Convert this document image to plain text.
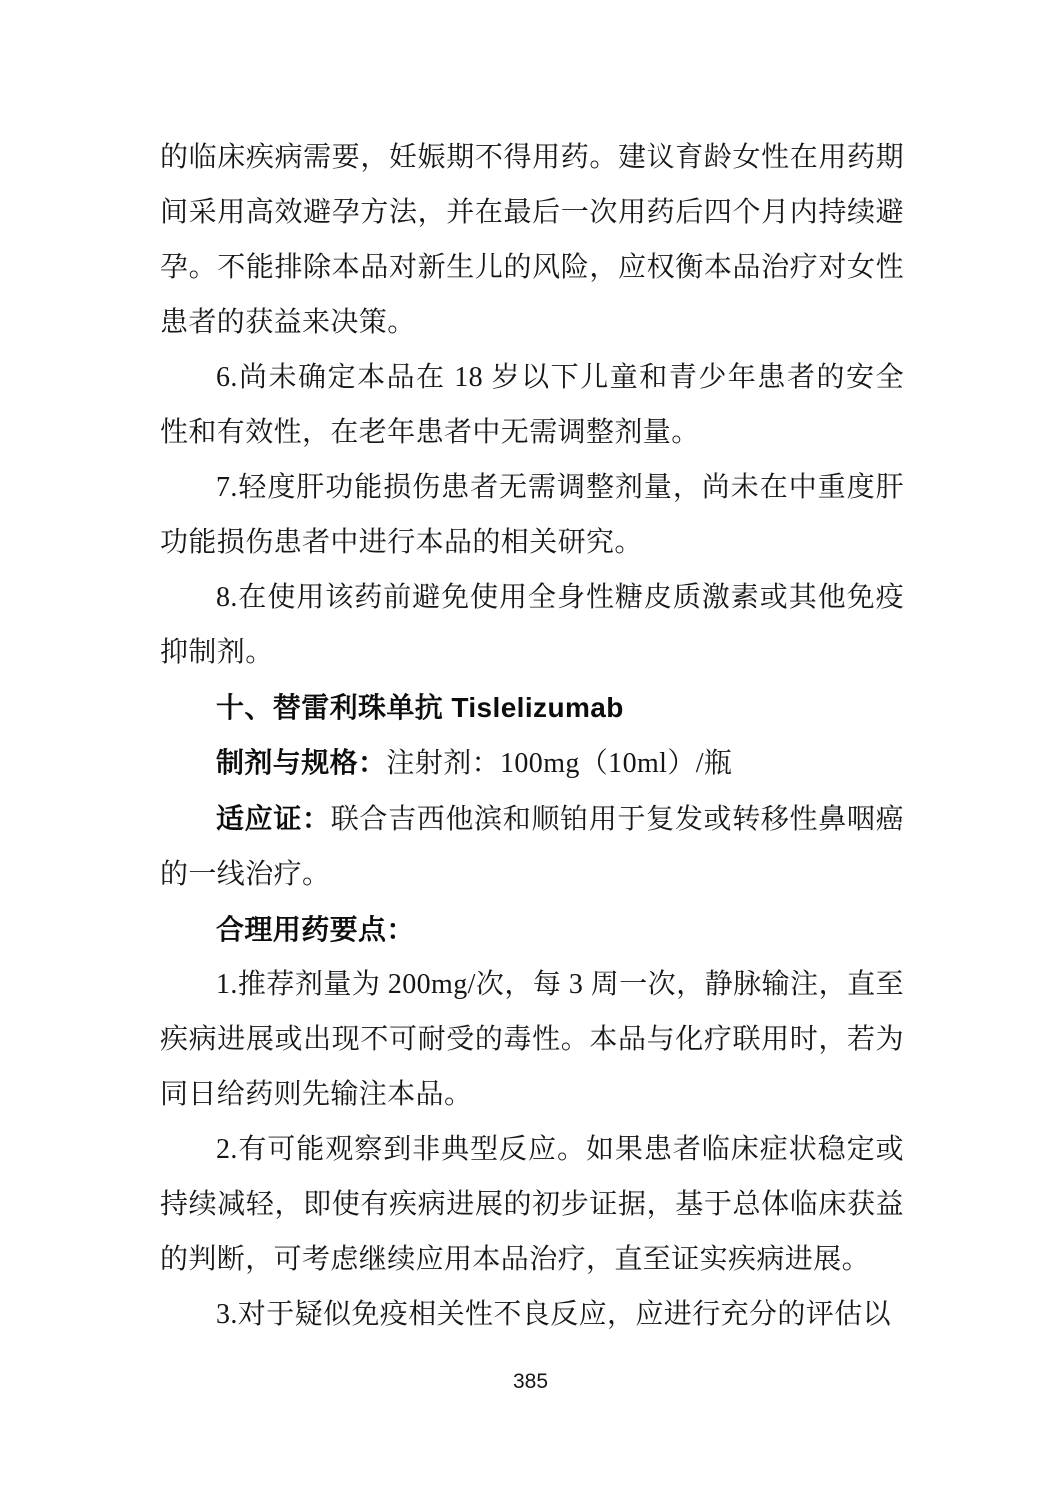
的临床疾病需要，妊娠期不得用药。建议育龄女性在用药期间采用高效避孕方法，并在最后一次用药后四个月内持续避孕。不能排除本品对新生儿的风险，应权衡本品治疗对女性患者的获益来决策。

6.尚未确定本品在 18 岁以下儿童和青少年患者的安全性和有效性，在老年患者中无需调整剂量。

7.轻度肝功能损伤患者无需调整剂量，尚未在中重度肝功能损伤患者中进行本品的相关研究。

8.在使用该药前避免使用全身性糖皮质激素或其他免疫抑制剂。

十、替雷利珠单抗 Tislelizumab

制剂与规格：注射剂：100mg（10ml）/瓶

适应证：联合吉西他滨和顺铂用于复发或转移性鼻咽癌的一线治疗。

合理用药要点：

1.推荐剂量为 200mg/次，每 3 周一次，静脉输注，直至疾病进展或出现不可耐受的毒性。本品与化疗联用时，若为同日给药则先输注本品。

2.有可能观察到非典型反应。如果患者临床症状稳定或持续减轻，即使有疾病进展的初步证据，基于总体临床获益的判断，可考虑继续应用本品治疗，直至证实疾病进展。

3.对于疑似免疫相关性不良反应，应进行充分的评估以

385
